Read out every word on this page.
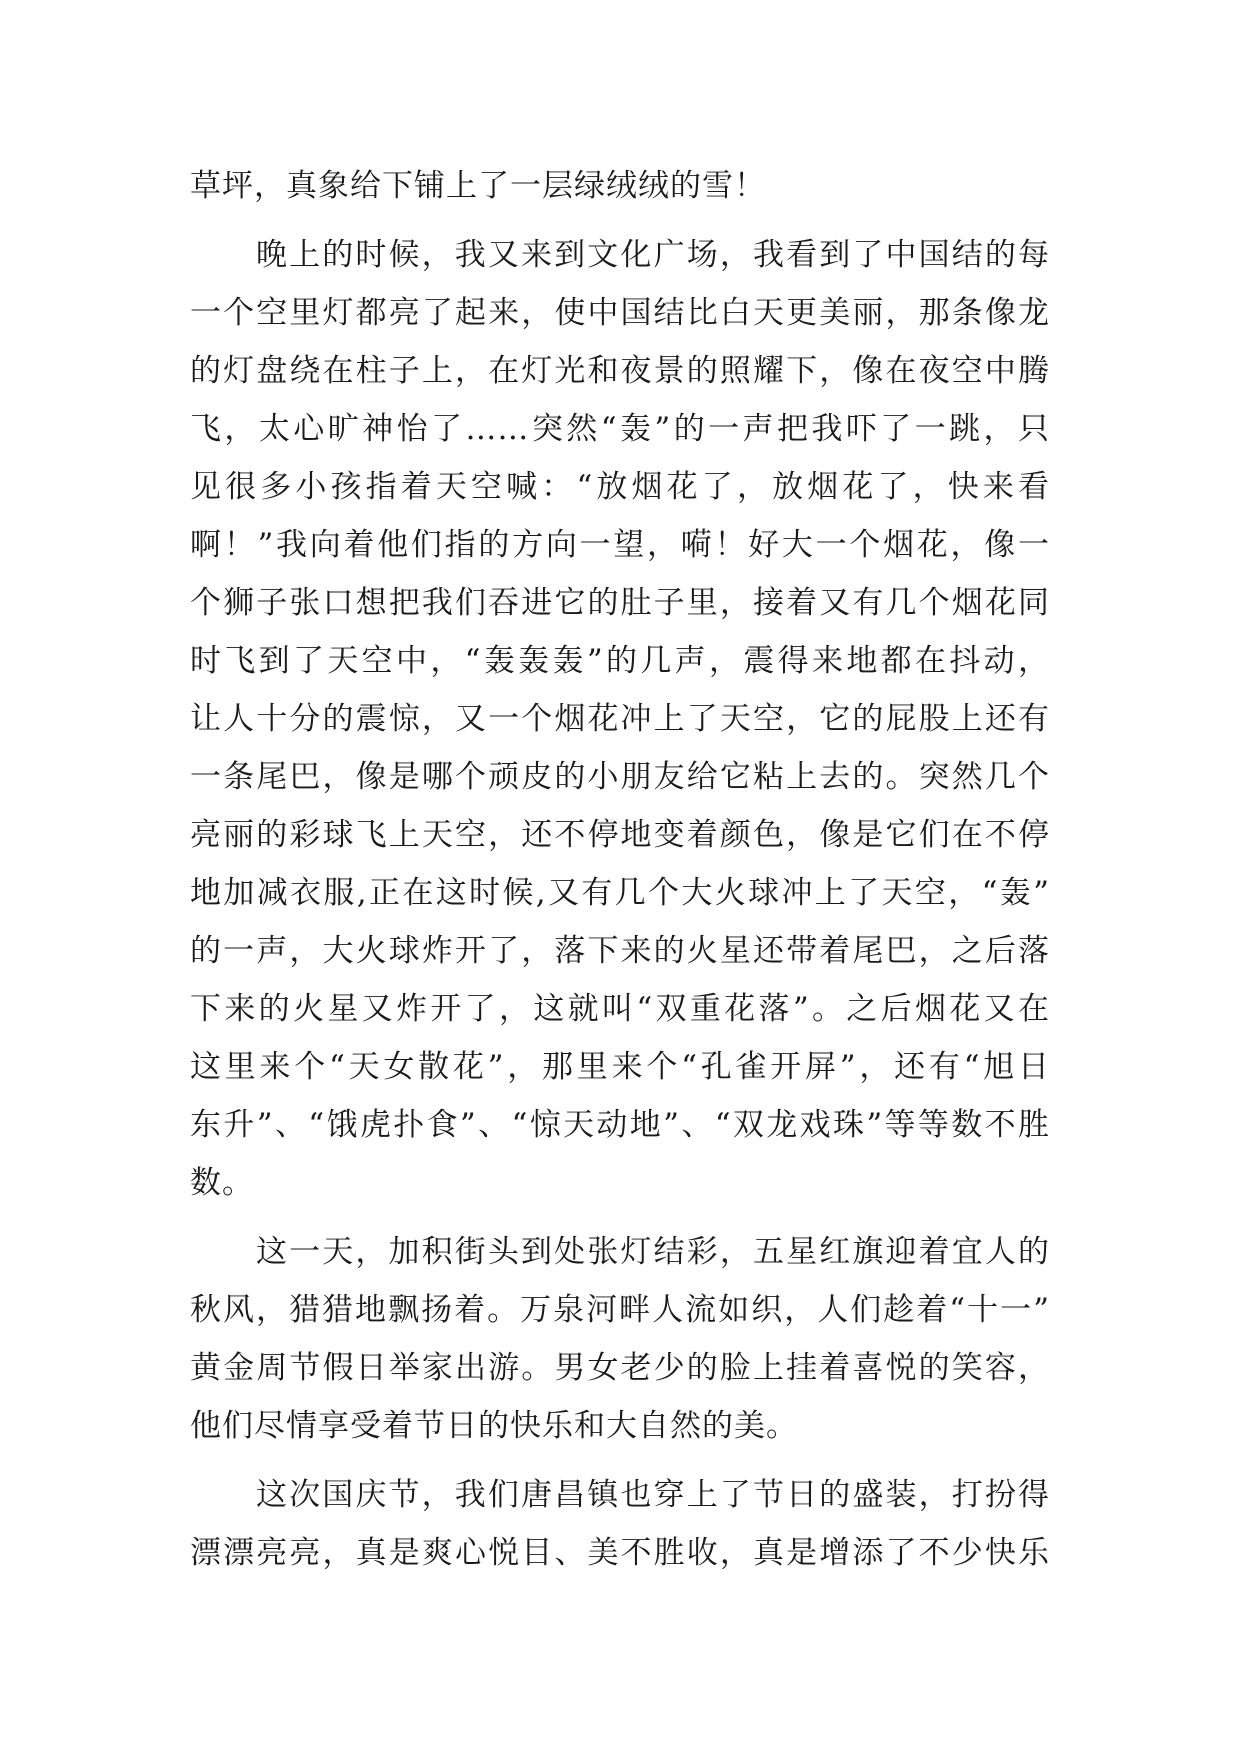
草坪，真象给下铺上了一层绿绒绒的雪！
晚上的时候，我又来到文化广场，我看到了中国结的每
一个空里灯都亮了起来，使中国结比白天更美丽，那条像龙
的灯盘绕在柱子上，在灯光和夜景的照耀下，像在夜空中腾
飞，太心旷神怡了……突然“轰”的一声把我吓了一跳，只
见很多小孩指着天空喊：“放烟花了，放烟花了，快来看
啊！”我向着他们指的方向一望，嗬！好大一个烟花，像一
个狮子张口想把我们吞进它的肚子里，接着又有几个烟花同
时飞到了天空中，“轰轰轰”的几声，震得来地都在抖动，
让人十分的震惊，又一个烟花冲上了天空，它的屁股上还有
一条尾巴，像是哪个顽皮的小朋友给它粘上去的。突然几个
亮丽的彩球飞上天空，还不停地变着颜色，像是它们在不停
地加减衣服,正在这时候,又有几个大火球冲上了天空，“轰”
的一声，大火球炸开了，落下来的火星还带着尾巴，之后落
下来的火星又炸开了，这就叫“双重花落”。之后烟花又在
这里来个“天女散花”，那里来个“孔雀开屏”，还有“旭日
东升”、“饿虎扑食”、“惊天动地”、“双龙戏珠”等等数不胜
数。
这一天，加积街头到处张灯结彩，五星红旗迎着宜人的
秋风，猎猎地飘扬着。万泉河畔人流如织，人们趁着“十一”
黄金周节假日举家出游。男女老少的脸上挂着喜悦的笑容，
他们尽情享受着节日的快乐和大自然的美。
这次国庆节，我们唐昌镇也穿上了节日的盛装，打扮得
漂漂亮亮，真是爽心悦目、美不胜收，真是增添了不少快乐
